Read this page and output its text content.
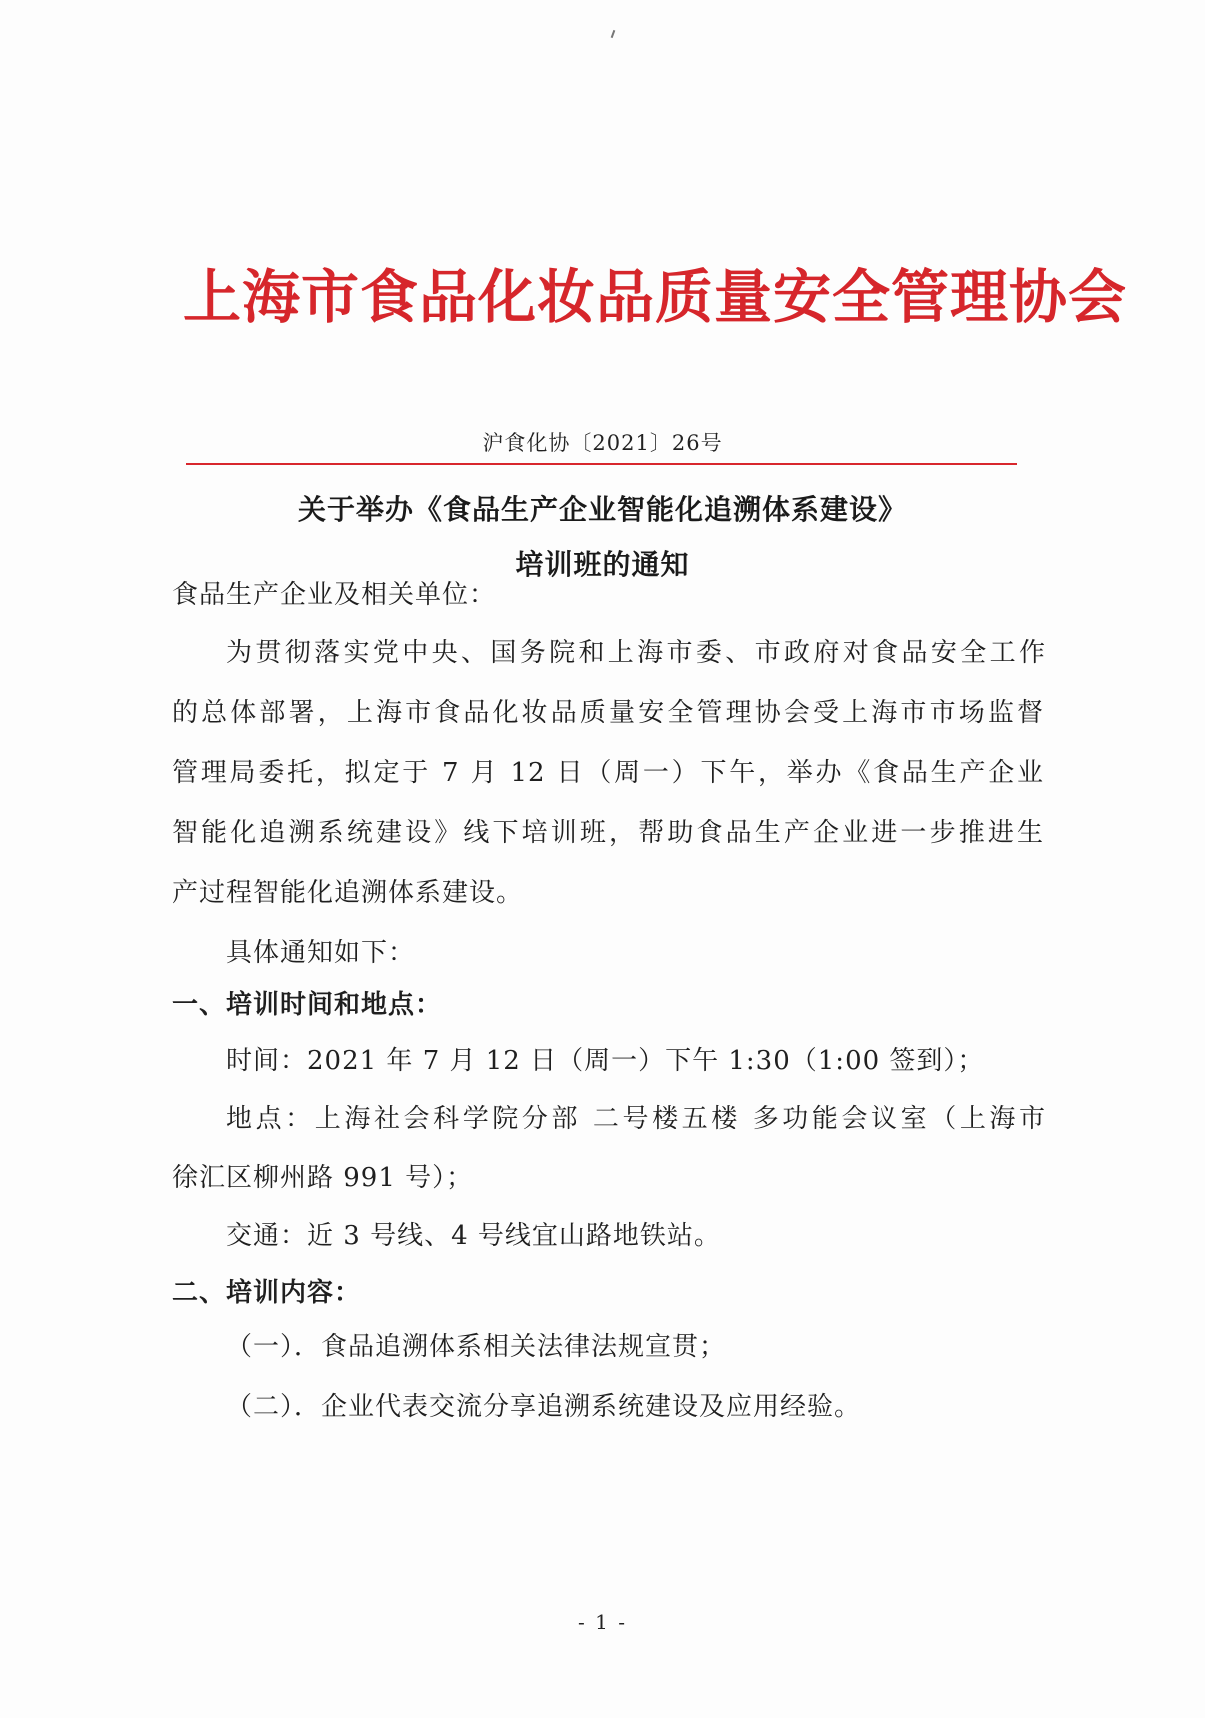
上海市食品化妆品质量安全管理协会
沪食化协〔2021〕26号
关于举办《食品生产企业智能化追溯体系建设》
培训班的通知
食品生产企业及相关单位：
为贯彻落实党中央、国务院和上海市委、市政府对食品安全工作
的总体部署，上海市食品化妆品质量安全管理协会受上海市市场监督
管理局委托，拟定于 7 月 12 日（周一）下午，举办《食品生产企业
智能化追溯系统建设》线下培训班，帮助食品生产企业进一步推进生
产过程智能化追溯体系建设。
具体通知如下：
一、培训时间和地点：
时间：2021 年 7 月 12 日（周一）下午 1:30（1:00 签到）；
地点：上海社会科学院分部 二号楼五楼 多功能会议室（上海市
徐汇区柳州路 991 号）；
交通：近 3 号线、4 号线宜山路地铁站。
二、培训内容：
（一）．食品追溯体系相关法律法规宣贯；
（二）．企业代表交流分享追溯系统建设及应用经验。
- 1 -
